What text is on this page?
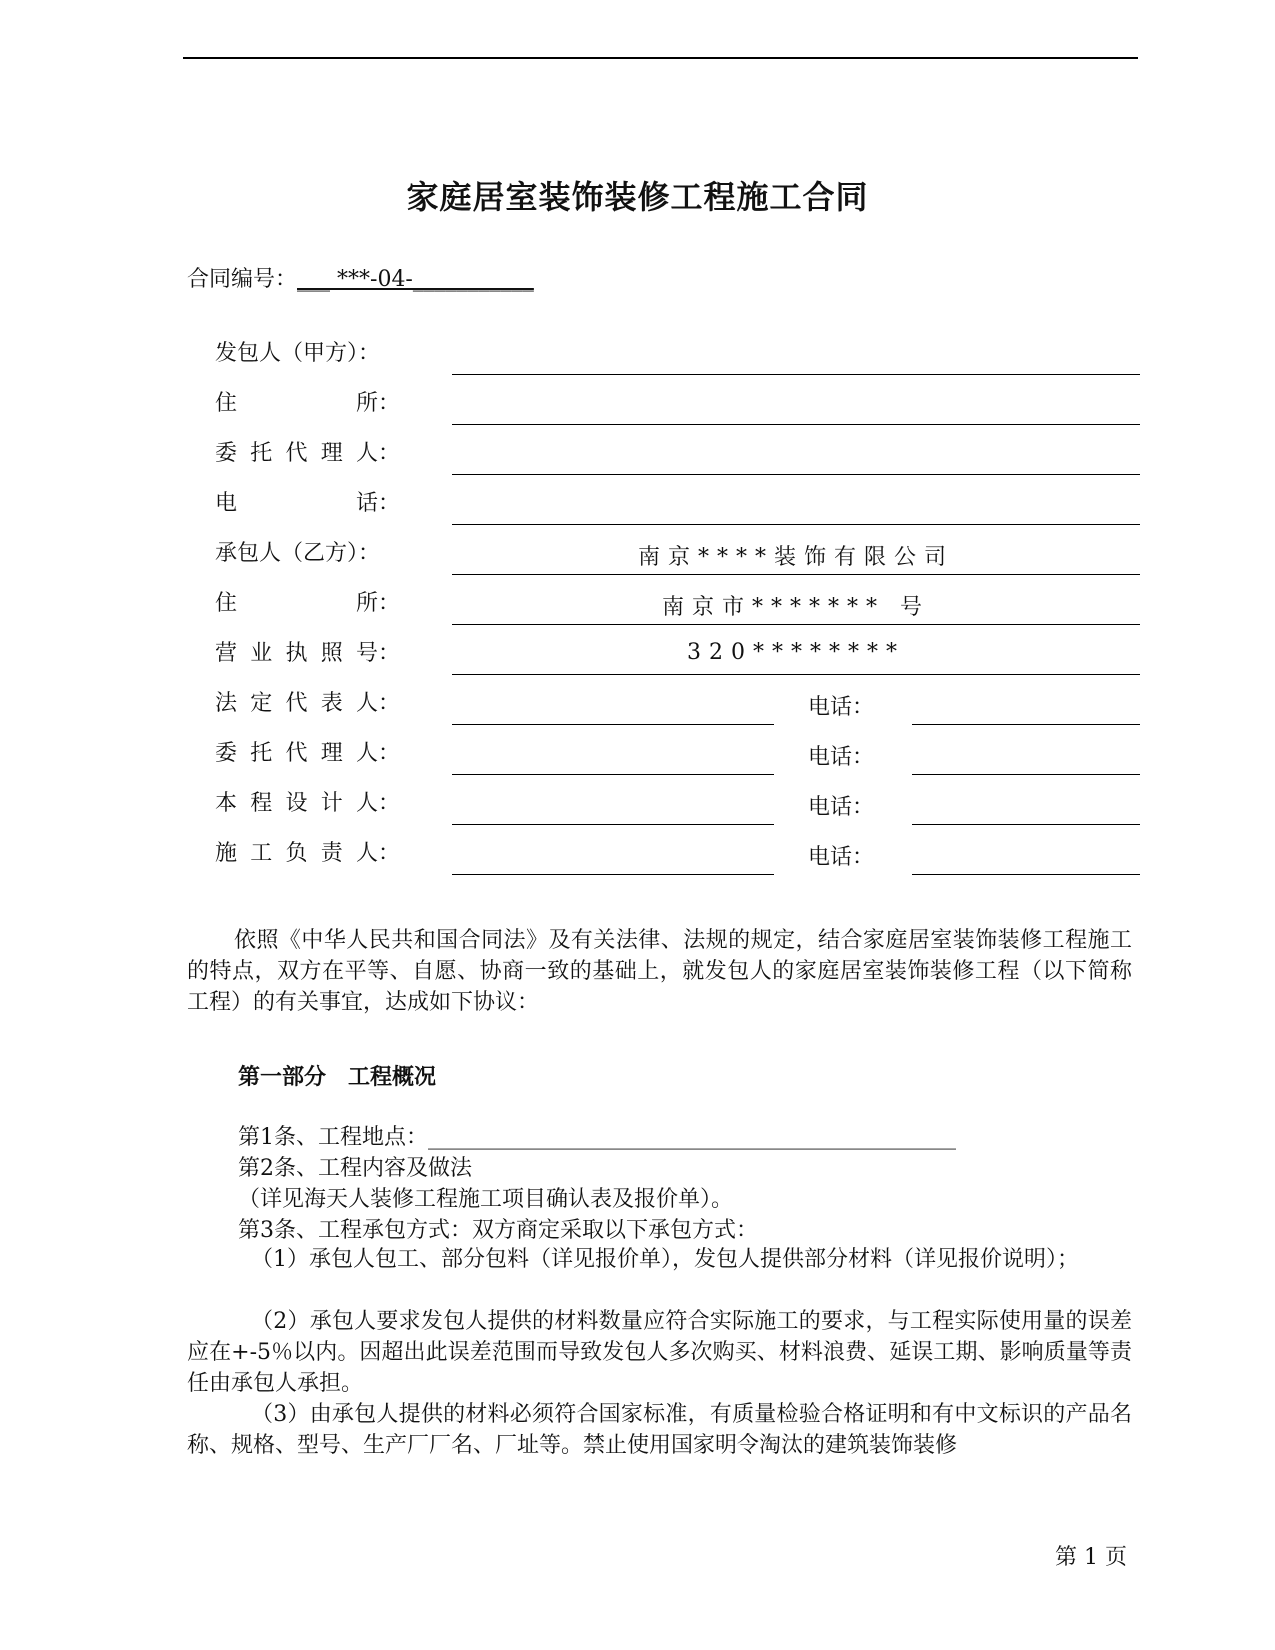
家庭居室装饰装修工程施工合同
合同编号：___ ***-04-___________
发包人（甲方）：
住	所：
委 托 代 理 人：
电	话：
承包人（乙方）：	南京****装饰有限公司
住	所：	南京市******* 号
营 业 执 照 号：	320********
法 定 代 表 人：	电话：
委 托 代 理 人：	电话：
本 程 设 计 人：	电话：
施 工 负 责 人：	电话：
依照《中华人民共和国合同法》及有关法律、法规的规定，结合家庭居室装饰装修工程施工的特点，双方在平等、自愿、协商一致的基础上，就发包人的家庭居室装饰装修工程（以下简称工程）的有关事宜，达成如下协议：
第一部分　工程概况
第1条、工程地点：________________________________________________
第2条、工程内容及做法
（详见海天人装修工程施工项目确认表及报价单）。
第3条、工程承包方式：双方商定采取以下承包方式：
（1）承包人包工、部分包料（详见报价单），发包人提供部分材料（详见报价说明）；
（2）承包人要求发包人提供的材料数量应符合实际施工的要求，与工程实际使用量的误差应在+-5％以内。因超出此误差范围而导致发包人多次购买、材料浪费、延误工期、影响质量等责任由承包人承担。
（3）由承包人提供的材料必须符合国家标准，有质量检验合格证明和有中文标识的产品名称、规格、型号、生产厂厂名、厂址等。禁止使用国家明令淘汰的建筑装饰装修
第 1 页
